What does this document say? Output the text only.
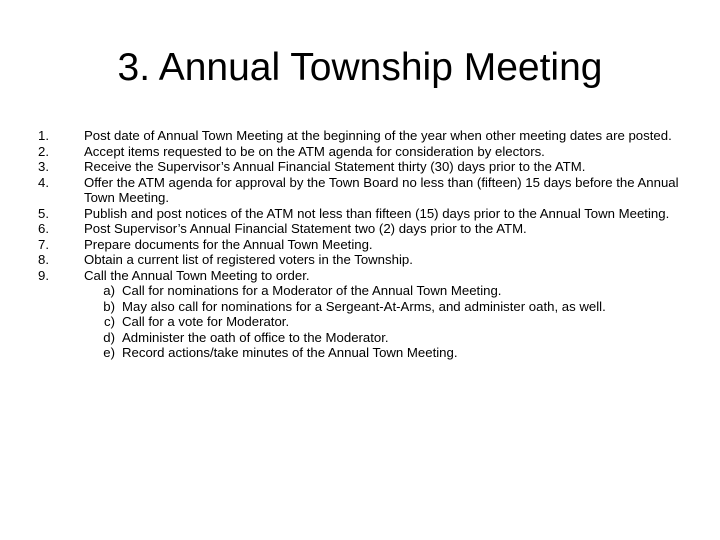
3. Annual Township Meeting
1.	Post date of Annual Town Meeting at the beginning of the year when other meeting dates are posted.
2.	Accept items requested to be on the ATM agenda for consideration by electors.
3.	Receive the Supervisor’s Annual Financial Statement thirty (30) days prior to the ATM.
4.	Offer the ATM agenda for approval by the Town Board no less than (fifteen) 15 days before the Annual Town Meeting.
5.	Publish and post notices of the ATM not less than fifteen (15) days prior to the Annual Town Meeting.
6.	Post Supervisor’s Annual Financial Statement two (2) days prior to the ATM.
7.	Prepare documents for the Annual Town Meeting.
8.	Obtain a current list of registered voters in the Township.
9.	Call the Annual Town Meeting to order.
a) Call for nominations for a Moderator of the Annual Town Meeting.
b) May also call for nominations for a Sergeant-At-Arms, and administer oath, as well.
c) Call for a vote for Moderator.
d) Administer the oath of office to the Moderator.
e) Record actions/take minutes of the Annual Town Meeting.
